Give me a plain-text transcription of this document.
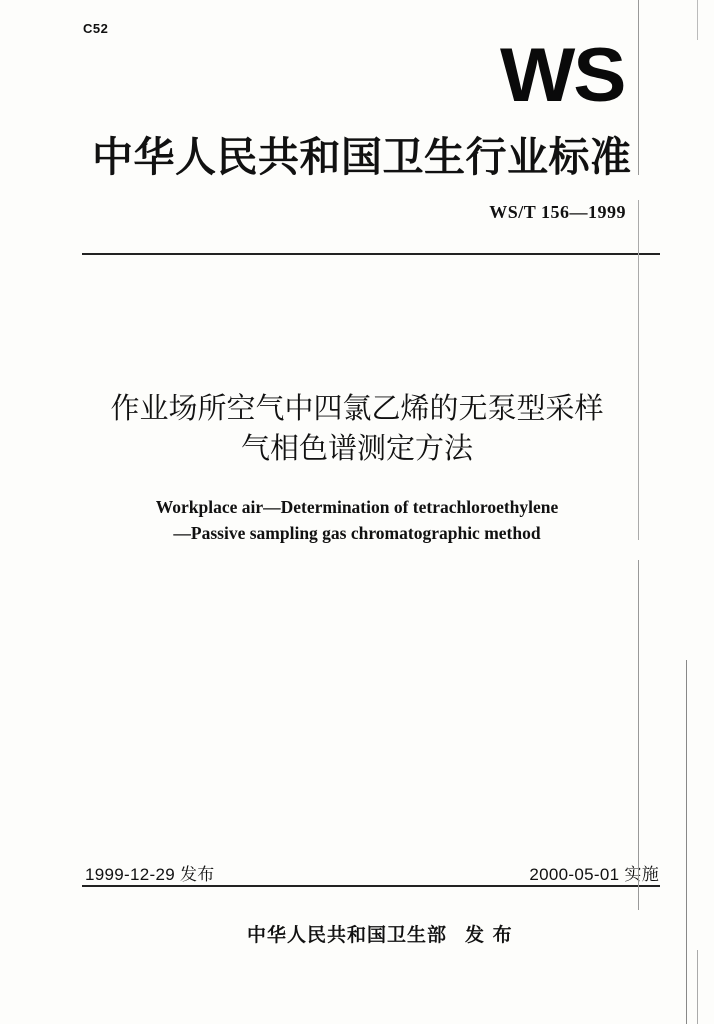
C52
WS
中华人民共和国卫生行业标准
WS/T 156—1999
作业场所空气中四氯乙烯的无泵型采样
气相色谱测定方法
Workplace air—Determination of tetrachloroethylene
—Passive sampling gas chromatographic method
1999-12-29 发布	2000-05-01 实施
中华人民共和国卫生部 发 布
